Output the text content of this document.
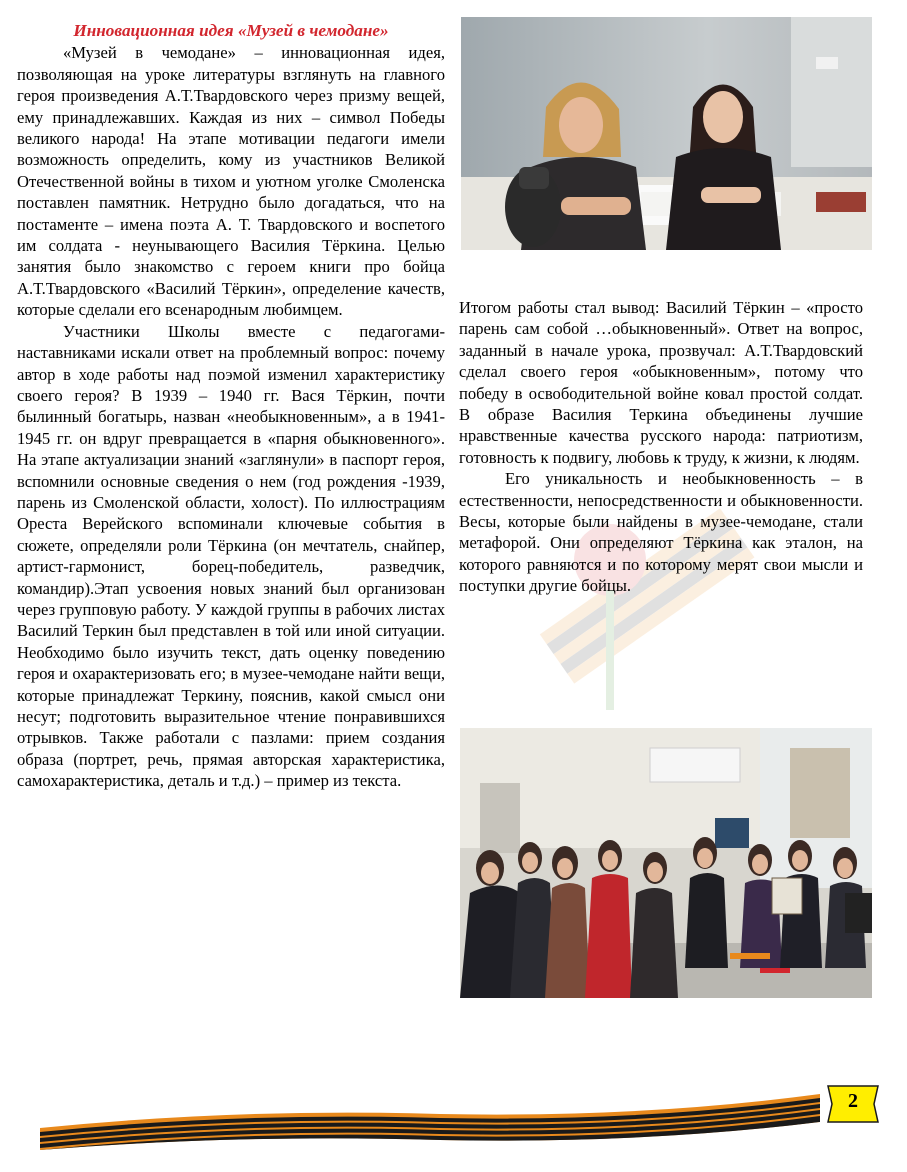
Инновационная идея «Музей в чемодане»

«Музей в чемодане» – инновационная идея, позволяющая на уроке литературы взглянуть на главного героя произведения А.Т.Твардовского через призму вещей, ему принадлежавших. Каждая из них – символ Победы великого народа! На этапе мотивации педагоги имели возможность определить, кому из участников Великой Отечественной войны в тихом и уютном уголке Смоленска поставлен памятник. Нетрудно было догадаться, что на постаменте – имена поэта А. Т. Твардовского и воспетого им солдата - неунывающего Василия Тёркина. Целью занятия было знакомство с героем книги про бойца А.Т.Твардовского «Василий Тёркин», определение качеств, которые сделали его всенародным любимцем.

Участники Школы вместе с педагогами-наставниками искали ответ на проблемный вопрос: почему автор в ходе работы над поэмой изменил характеристику своего героя? В 1939 – 1940 гг. Вася Тёркин, почти былинный богатырь, назван «необыкновенным», а в 1941-1945 гг. он вдруг превращается в «парня обыкновенного». На этапе актуализации знаний «заглянули» в паспорт героя, вспомнили основные сведения о нем (год рождения -1939, парень из Смоленской области, холост). По иллюстрациям Ореста Верейского вспоминали ключевые события в сюжете, определяли роли Тёркина (он мечтатель, снайпер, артист-гармонист, борец-победитель, разведчик, командир).Этап усвоения новых знаний был организован через групповую работу. У каждой группы в рабочих листах Василий Теркин был представлен в той или иной ситуации. Необходимо было изучить текст, дать оценку поведению героя и охарактеризовать его; в музее-чемодане найти вещи, которые принадлежат Теркину, пояснив, какой смысл они несут; подготовить выразительное чтение понравившихся отрывков. Также работали с пазлами: прием создания образа (портрет, речь, прямая авторская характеристика, самохарактеристика, деталь и т.д.) – пример из текста.

Итогом работы стал вывод: Василий Тёркин – «просто парень сам собой …обыкновенный». Ответ на вопрос, заданный в начале урока, прозвучал: А.Т.Твардовский сделал своего героя «обыкновенным», потому что победу в освободительной войне ковал простой солдат. В образе Василия Теркина объединены лучшие нравственные качества русского народа: патриотизм, готовность к подвигу, любовь к труду, к жизни, к людям.

Его уникальность и необыкновенность – в естественности, непосредственности и обыкновенности. Весы, которые были найдены в музее-чемодане, стали метафорой. Они определяют Тёркина как эталон, на которого равняются и по которому мерят свои мысли и поступки другие бойцы.

2
